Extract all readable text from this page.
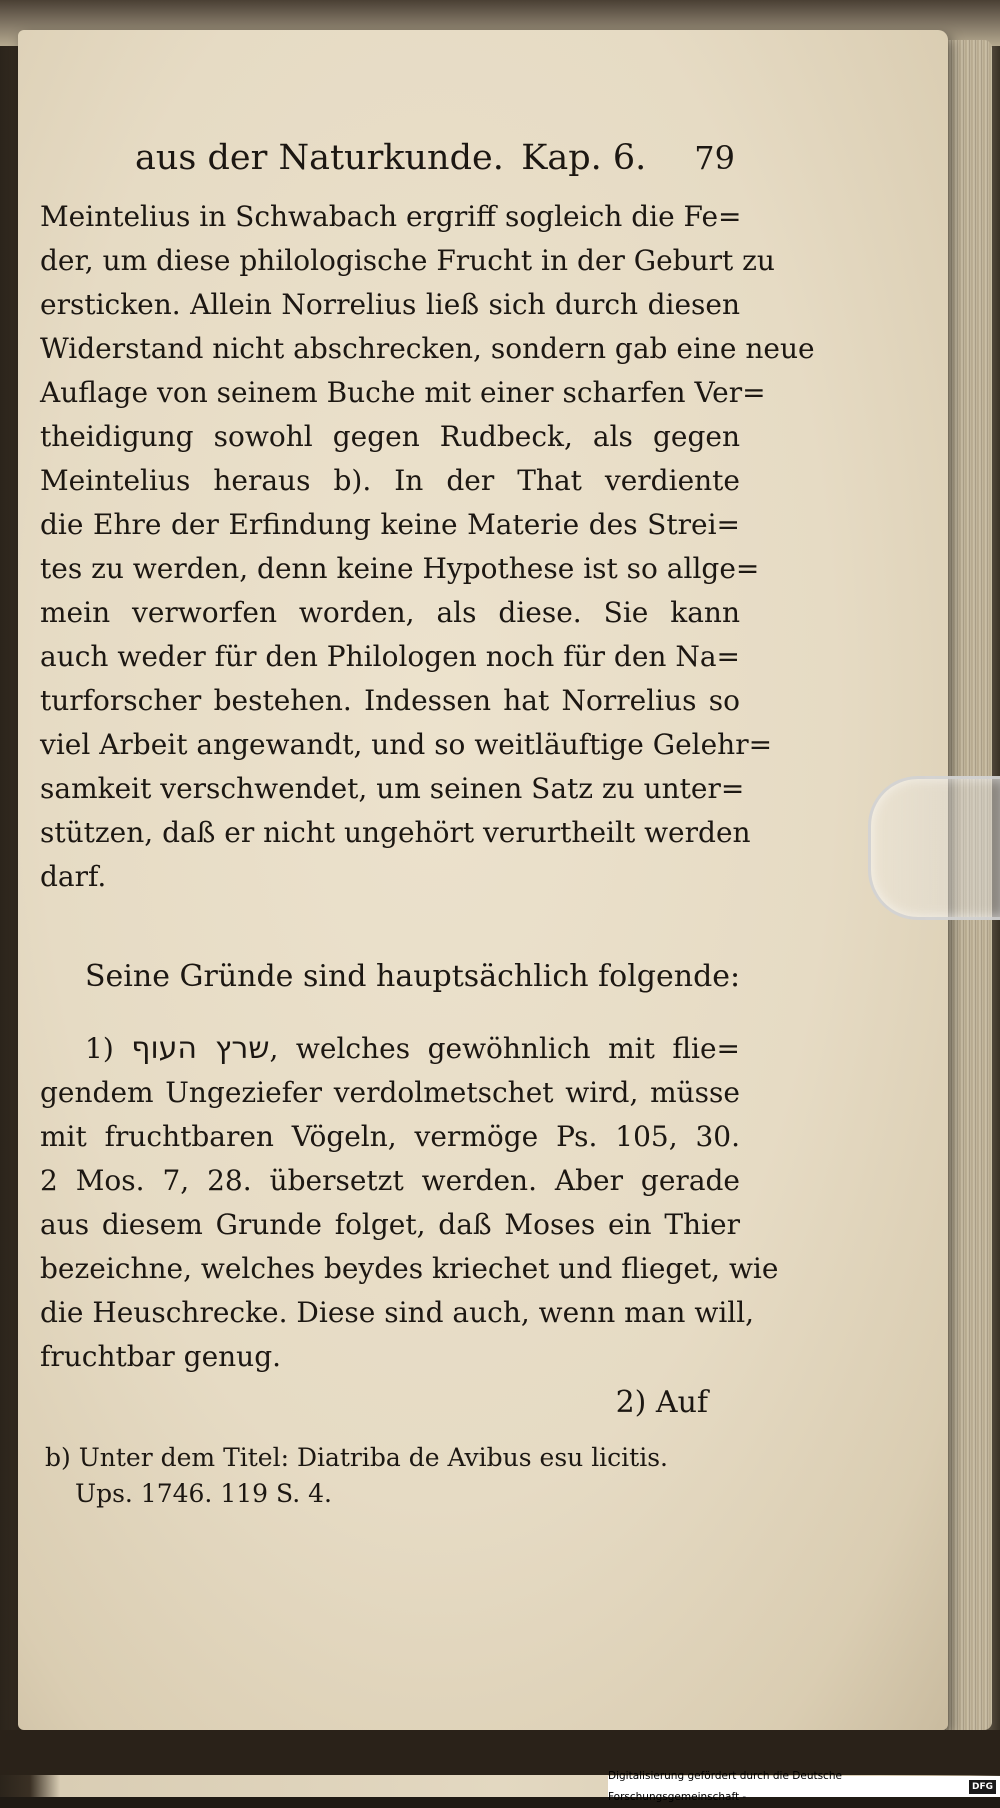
aus der Naturkunde. Kap. 6. 79
Meintelius in Schwabach ergriff sogleich die Fe=
der, um diese philologische Frucht in der Geburt zu
ersticken. Allein Norrelius ließ sich durch diesen
Widerstand nicht abschrecken, sondern gab eine neue
Auflage von seinem Buche mit einer scharfen Ver=
theidigung sowohl gegen Rudbeck, als gegen
Meintelius heraus b). In der That verdiente
die Ehre der Erfindung keine Materie des Strei=
tes zu werden, denn keine Hypothese ist so allge=
mein verworfen worden, als diese. Sie kann
auch weder für den Philologen noch für den Na=
turforscher bestehen. Indessen hat Norrelius so
viel Arbeit angewandt, und so weitläuftige Gelehr=
samkeit verschwendet, um seinen Satz zu unter=
stützen, daß er nicht ungehört verurtheilt werden
darf.
Seine Gründe sind hauptsächlich folgende:
1) שרץ העוף, welches gewöhnlich mit flie=
gendem Ungeziefer verdolmetschet wird, müsse
mit fruchtbaren Vögeln, vermöge Ps. 105, 30.
2 Mos. 7, 28. übersetzt werden. Aber gerade
aus diesem Grunde folget, daß Moses ein Thier
bezeichne, welches beydes kriechet und flieget, wie
die Heuschrecke. Diese sind auch, wenn man will,
fruchtbar genug.
2) Auf
b) Unter dem Titel: Diatriba de Avibus esu licitis.
Ups. 1746. 119 S. 4.
Digitalisierung gefördert durch die Deutsche Forschungsgemeinschaft -
DFG
